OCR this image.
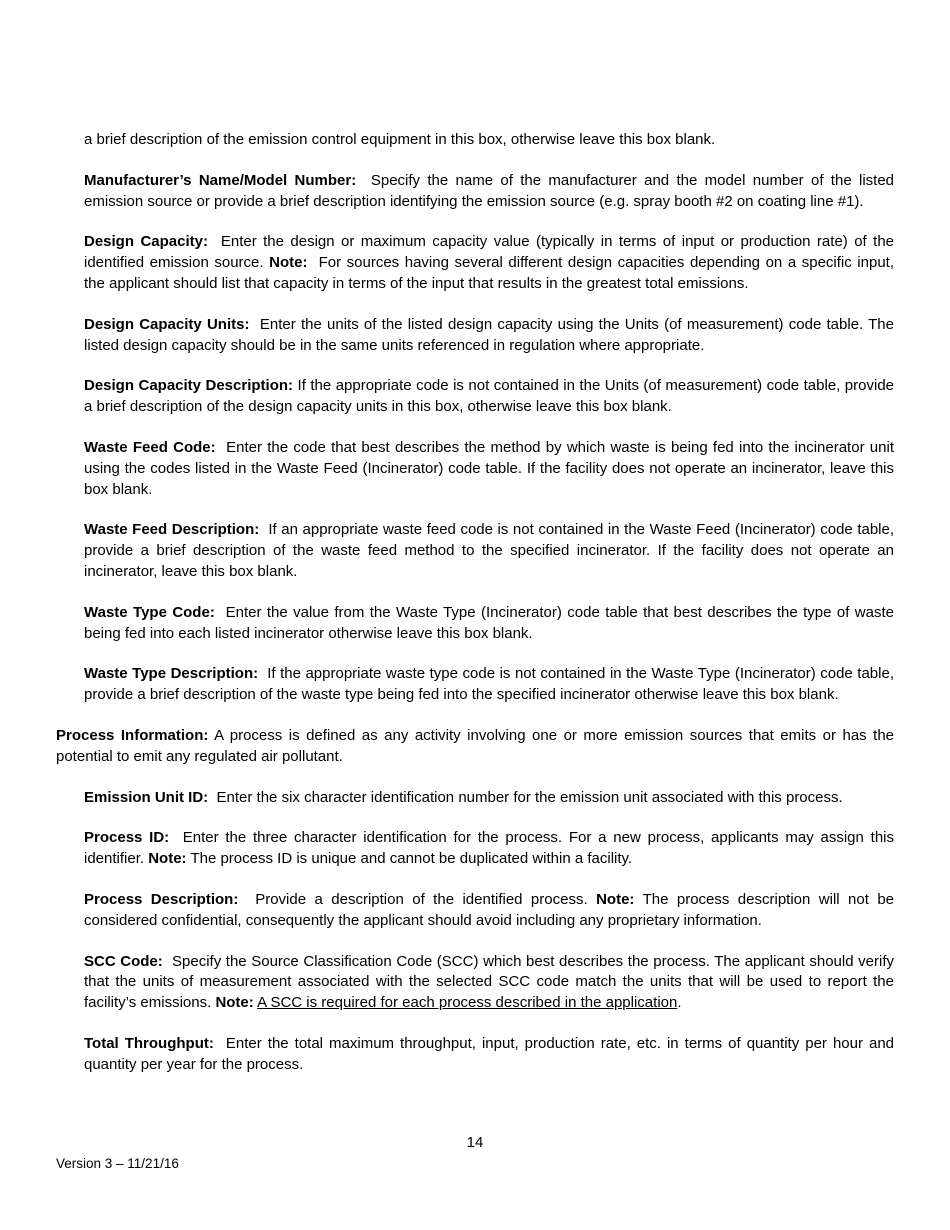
a brief description of the emission control equipment in this box, otherwise leave this box blank.

Manufacturer’s Name/Model Number: Specify the name of the manufacturer and the model number of the listed emission source or provide a brief description identifying the emission source (e.g. spray booth #2 on coating line #1).

Design Capacity: Enter the design or maximum capacity value (typically in terms of input or production rate) of the identified emission source. Note: For sources having several different design capacities depending on a specific input, the applicant should list that capacity in terms of the input that results in the greatest total emissions.

Design Capacity Units: Enter the units of the listed design capacity using the Units (of measurement) code table. The listed design capacity should be in the same units referenced in regulation where appropriate.

Design Capacity Description: If the appropriate code is not contained in the Units (of measurement) code table, provide a brief description of the design capacity units in this box, otherwise leave this box blank.

Waste Feed Code: Enter the code that best describes the method by which waste is being fed into the incinerator unit using the codes listed in the Waste Feed (Incinerator) code table. If the facility does not operate an incinerator, leave this box blank.

Waste Feed Description: If an appropriate waste feed code is not contained in the Waste Feed (Incinerator) code table, provide a brief description of the waste feed method to the specified incinerator. If the facility does not operate an incinerator, leave this box blank.

Waste Type Code: Enter the value from the Waste Type (Incinerator) code table that best describes the type of waste being fed into each listed incinerator otherwise leave this box blank.

Waste Type Description: If the appropriate waste type code is not contained in the Waste Type (Incinerator) code table, provide a brief description of the waste type being fed into the specified incinerator otherwise leave this box blank.

Process Information: A process is defined as any activity involving one or more emission sources that emits or has the potential to emit any regulated air pollutant.

Emission Unit ID: Enter the six character identification number for the emission unit associated with this process.

Process ID: Enter the three character identification for the process. For a new process, applicants may assign this identifier. Note: The process ID is unique and cannot be duplicated within a facility.

Process Description: Provide a description of the identified process. Note: The process description will not be considered confidential, consequently the applicant should avoid including any proprietary information.

SCC Code: Specify the Source Classification Code (SCC) which best describes the process. The applicant should verify that the units of measurement associated with the selected SCC code match the units that will be used to report the facility’s emissions. Note: A SCC is required for each process described in the application.

Total Throughput: Enter the total maximum throughput, input, production rate, etc. in terms of quantity per hour and quantity per year for the process.

14
Version 3 – 11/21/16
